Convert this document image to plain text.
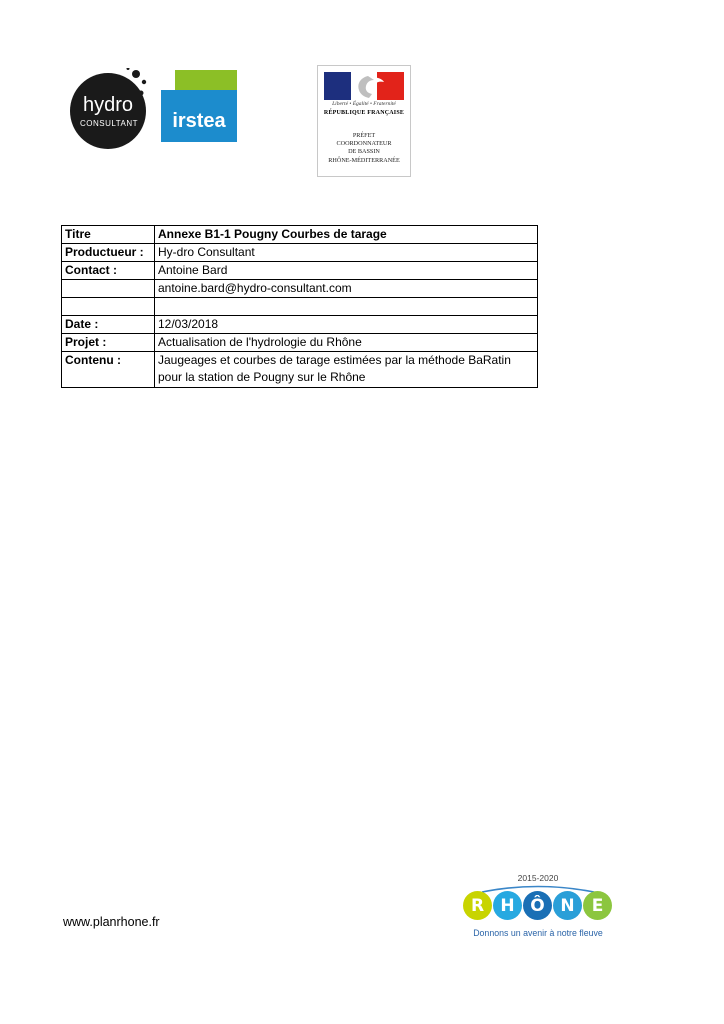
hydro
CONSULTANT irstea
Liberté • Égalité • Fraternité
RÉPUBLIQUE FRANÇAISE
PRÉFET
COORDONNATEUR
DE BASSIN
RHÔNE-MÉDITERRANÉE
Titre	Annexe B1-1 Pougny Courbes de tarage
Productueur :	Hy-dro Consultant
Contact :	Antoine Bard
	antoine.bard@hydro-consultant.com

Date :	12/03/2018
Projet :	Actualisation de l'hydrologie du Rhône
Contenu :	Jaugeages et courbes de tarage estimées par la méthode BaRatin pour la station de Pougny sur le Rhône
www.planrhone.fr
2015-2020
R H Ô N	E
Donnons un avenir à notre fleuve
